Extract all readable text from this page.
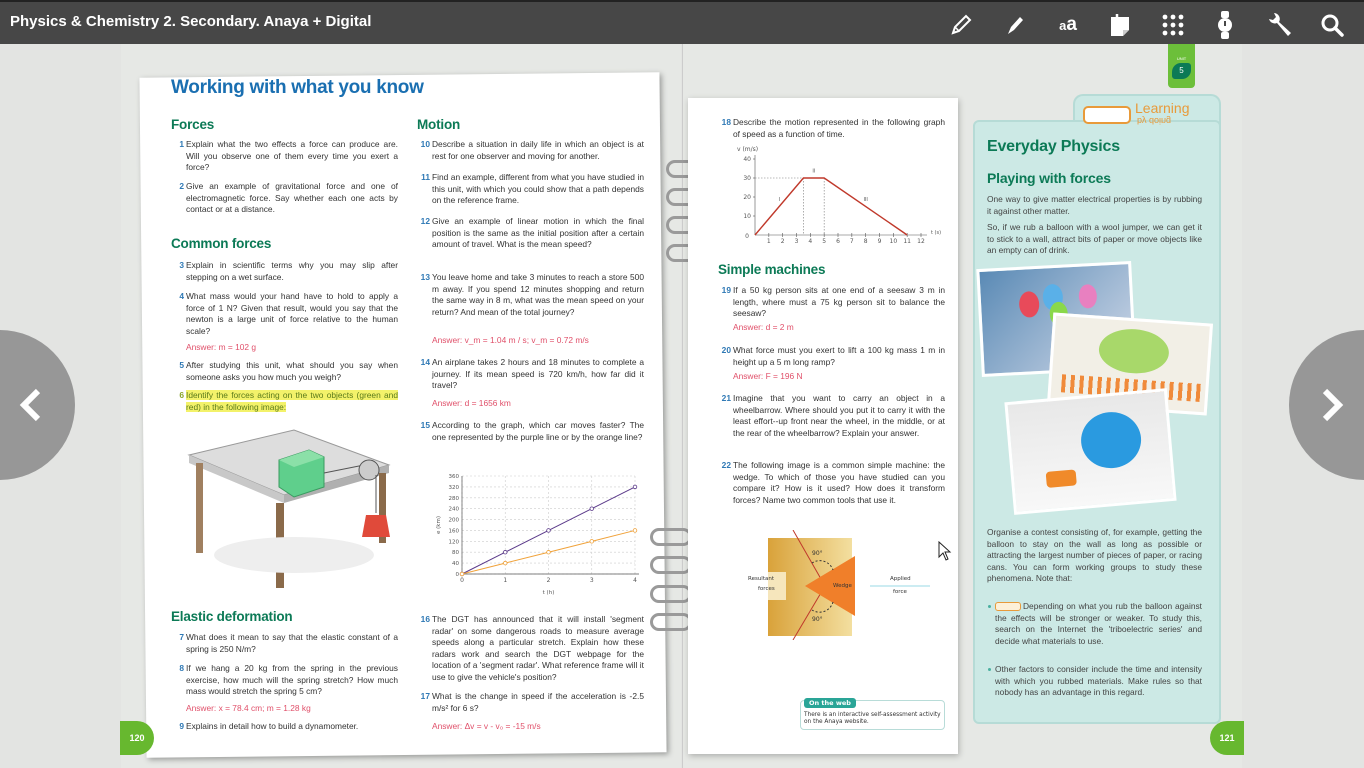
Physics & Chemistry 2. Secondary. Anaya + Digital	aa
UNIT
5
Working with what you know
Forces
1 Explain what the two effects a force can produce are. Will you observe one of them every time you exert a force?
2 Give an example of gravitational force and one of electromagnetic force. Say whether each one acts by contact or at a distance.
Common forces
3 Explain in scientific terms why you may slip after stepping on a wet surface.
4 What mass would your hand have to hold to apply a force of 1 N? Given that result, would you say that the newton is a large unit of force relative to the human scale?
Answer: m = 102 g
5 After studying this unit, what should you say when someone asks you how much you weigh?
6 Identify the forces acting on the two objects (green and red) in the following image:
Elastic deformation
7 What does it mean to say that the elastic constant of a spring is 250 N/m?
8 If we hang a 20 kg from the spring in the previous exercise, how much will the spring stretch? How much mass would stretch the spring 5 cm?
Answer: x = 78.4 cm; m = 1.28 kg
9 Explains in detail how to build a dynamometer.
Motion
10 Describe a situation in daily life in which an object is at rest for one observer and moving for another.
11 Find an example, different from what you have studied in this unit, with which you could show that a path depends on the reference frame.
12 Give an example of linear motion in which the final position is the same as the initial position after a certain amount of travel. What is the mean speed?
13 You leave home and take 3 minutes to reach a store 500 m away. If you spend 12 minutes shopping and return the same way in 8 m, what was the mean speed on your return? And mean of the total journey?
Answer: v_m = 1.04 m / s; v_m = 0.72 m/s
14 An airplane takes 2 hours and 18 minutes to complete a journey. If its mean speed is 720 km/h, how far did it travel?
Answer: d = 1656 km
15 According to the graph, which car moves faster? The one represented by the purple line or by the orange line?
0
40
80
120
160
200
240
280
320
360
0	1	2	3	4
t (h)
e (km)
16 The DGT has announced that it will install 'segment radar' on some dangerous roads to measure average speeds along a particular stretch. Explain how these radars work and search the DGT webpage for the location of a 'segment radar'. What reference frame will it use to give the vehicle's position?
17 What is the change in speed if the acceleration is -2.5 m/s² for 6 s?
Answer: Δv = v - v₀ = -15 m/s
120
18 Describe the motion represented in the following graph of speed as a function of time.
v (m/s)
t (s)
0
10
20
30
40
1 2 3 4 5 6 7 8 9 10 11 12
I
II
III
Simple machines
19 If a 50 kg person sits at one end of a seesaw 3 m in length, where must a 75 kg person sit to balance the seesaw?
Answer: d = 2 m
20 What force must you exert to lift a 100 kg mass 1 m in height up a 5 m long ramp?
Answer: F = 196 N
21 Imagine that you want to carry an object in a wheelbarrow. Where should you put it to carry it with the least effort--up front near the wheel, in the middle, or at the rear of the wheelbarrow? Explain your answer.
22 The following image is a common simple machine: the wedge. To which of those you have studied can you compare it? How is it used? How does it transform forces? Name two common tools that use it.
90°
90°
Resultant
forces	Wedge
Applied
force
On the web
There is an interactive self-assessment activity on the Anaya website.
Learning
by doing
Everyday Physics
Playing with forces
One way to give matter electrical properties is by rubbing it against other matter.
So, if we rub a balloon with a wool jumper, we can get it to stick to a wall, attract bits of paper or move objects like an empty can of drink.
Organise a contest consisting of, for example, getting the balloon to stay on the wall as long as possible or attracting the largest number of pieces of paper, or racing cans. You can form working groups to study these phenomena. Note that:
Depending on what you rub the balloon against the effects will be stronger or weaker. To study this, search on the Internet the 'triboelectric series' and decide what materials to use.
Other factors to consider include the time and intensity with which you rubbed materials. Make rules so that nobody has an advantage in this regard.
121
